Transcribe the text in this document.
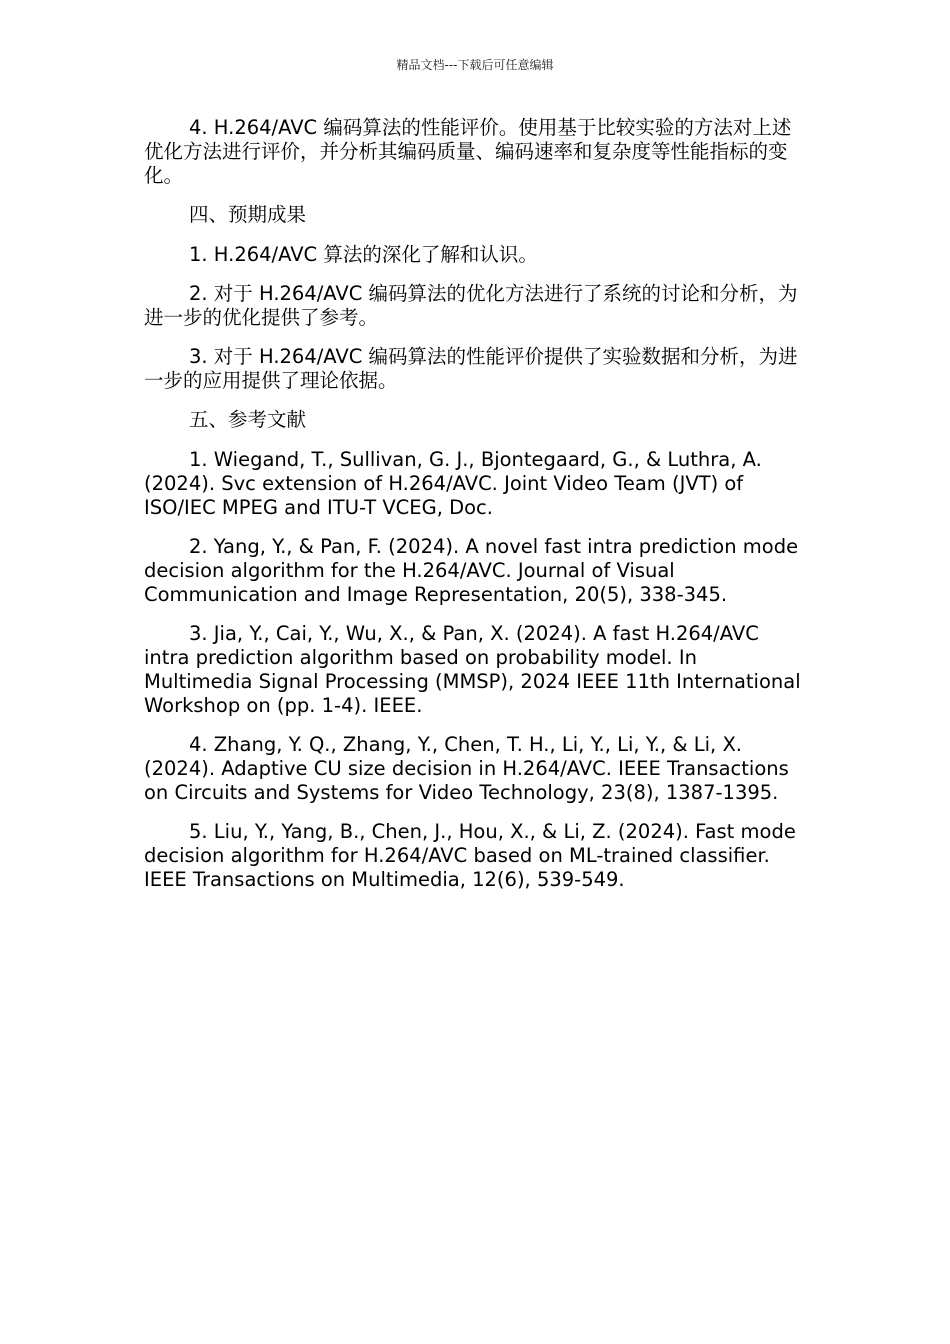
精品文档---下载后可任意编辑

4. H.264/AVC 编码算法的性能评价。使用基于比较实验的方法对上述优化方法进行评价，并分析其编码质量、编码速率和复杂度等性能指标的变化。

四、预期成果

1. H.264/AVC 算法的深化了解和认识。

2. 对于 H.264/AVC 编码算法的优化方法进行了系统的讨论和分析，为进一步的优化提供了参考。

3. 对于 H.264/AVC 编码算法的性能评价提供了实验数据和分析，为进一步的应用提供了理论依据。

五、参考文献

1. Wiegand, T., Sullivan, G. J., Bjontegaard, G., & Luthra, A. (2024). Svc extension of H.264/AVC. Joint Video Team (JVT) of ISO/IEC MPEG and ITU-T VCEG, Doc.

2. Yang, Y., & Pan, F. (2024). A novel fast intra prediction mode decision algorithm for the H.264/AVC. Journal of Visual Communication and Image Representation, 20(5), 338-345.

3. Jia, Y., Cai, Y., Wu, X., & Pan, X. (2024). A fast H.264/AVC intra prediction algorithm based on probability model. In Multimedia Signal Processing (MMSP), 2024 IEEE 11th International Workshop on (pp. 1-4). IEEE.

4. Zhang, Y. Q., Zhang, Y., Chen, T. H., Li, Y., Li, Y., & Li, X. (2024). Adaptive CU size decision in H.264/AVC. IEEE Transactions on Circuits and Systems for Video Technology, 23(8), 1387-1395.

5. Liu, Y., Yang, B., Chen, J., Hou, X., & Li, Z. (2024). Fast mode decision algorithm for H.264/AVC based on ML-trained classifier. IEEE Transactions on Multimedia, 12(6), 539-549.
